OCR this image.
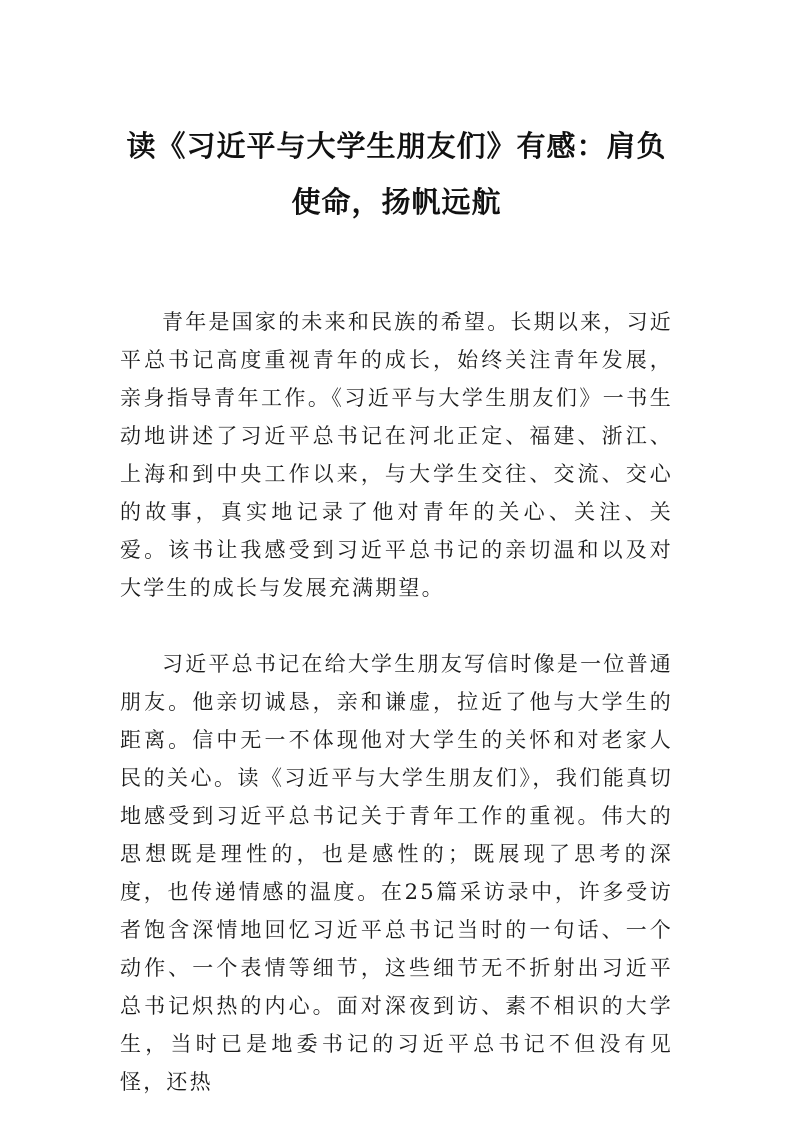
读《习近平与大学生朋友们》有感：肩负使命，扬帆远航

青年是国家的未来和民族的希望。长期以来，习近平总书记高度重视青年的成长，始终关注青年发展，亲身指导青年工作。《习近平与大学生朋友们》一书生动地讲述了习近平总书记在河北正定、福建、浙江、上海和到中央工作以来，与大学生交往、交流、交心的故事，真实地记录了他对青年的关心、关注、关爱。该书让我感受到习近平总书记的亲切温和以及对大学生的成长与发展充满期望。

习近平总书记在给大学生朋友写信时像是一位普通朋友。他亲切诚恳，亲和谦虚，拉近了他与大学生的距离。信中无一不体现他对大学生的关怀和对老家人民的关心。读《习近平与大学生朋友们》，我们能真切地感受到习近平总书记关于青年工作的重视。伟大的思想既是理性的，也是感性的；既展现了思考的深度，也传递情感的温度。在25篇采访录中，许多受访者饱含深情地回忆习近平总书记当时的一句话、一个动作、一个表情等细节，这些细节无不折射出习近平总书记炽热的内心。面对深夜到访、素不相识的大学生，当时已是地委书记的习近平总书记不但没有见怪，还热
